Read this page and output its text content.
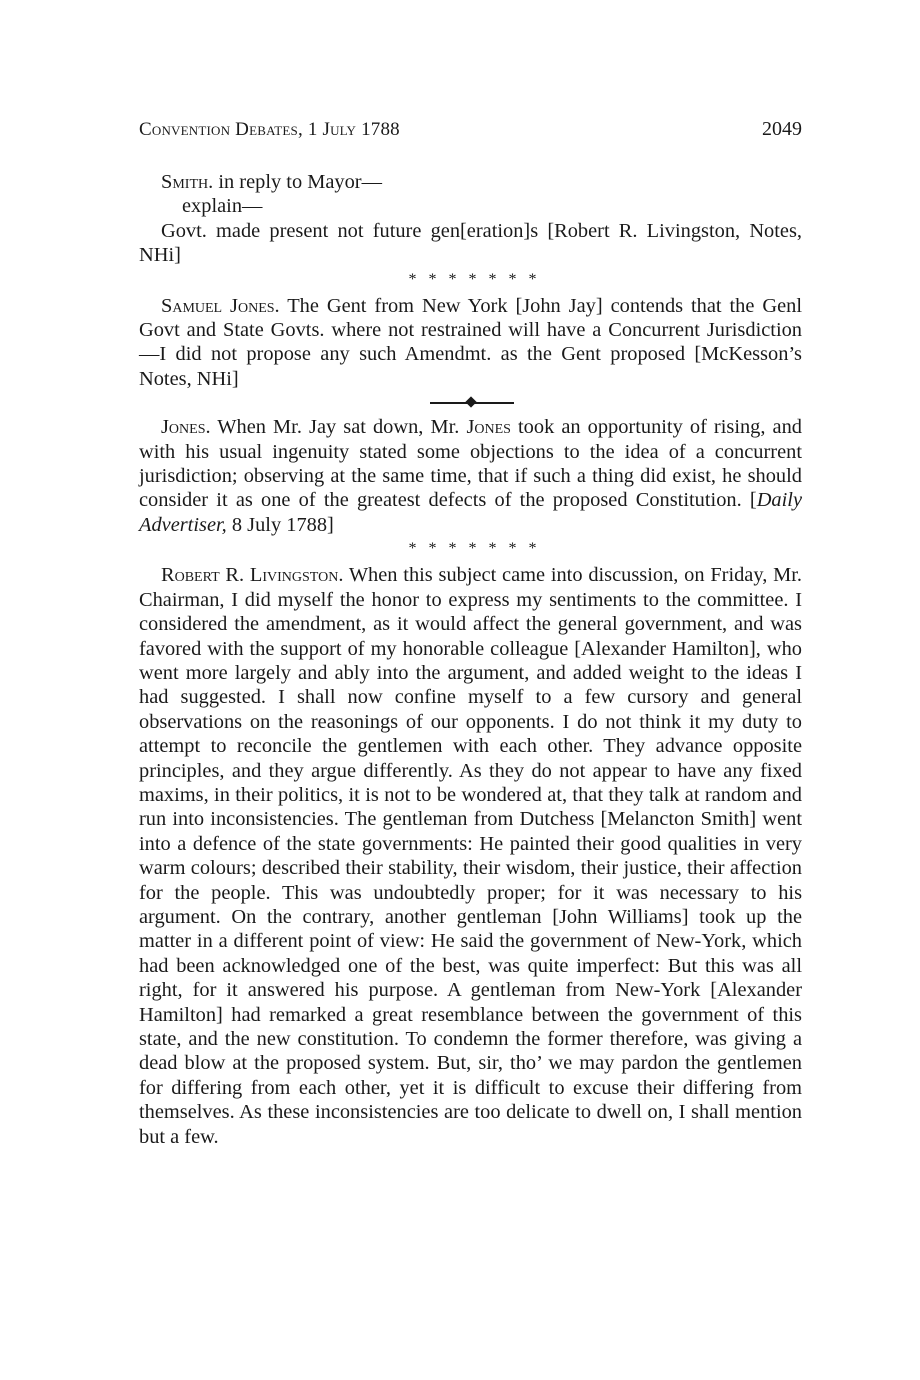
Convention Debates, 1 July 1788	2049

Smith. in reply to Mayor—

explain—

Govt. made present not future gen[eration]s [Robert R. Livingston, Notes, NHi]

* * * * * * *

Samuel Jones. The Gent from New York [John Jay] contends that the Genl Govt and State Govts. where not restrained will have a Concurrent Jurisdiction—I did not propose any such Amendmt. as the Gent proposed [McKesson’s Notes, NHi]

Jones. When Mr. Jay sat down, Mr. Jones took an opportunity of rising, and with his usual ingenuity stated some objections to the idea of a concurrent jurisdiction; observing at the same time, that if such a thing did exist, he should consider it as one of the greatest defects of the proposed Constitution. [Daily Advertiser, 8 July 1788]

* * * * * * *

Robert R. Livingston. When this subject came into discussion, on Friday, Mr. Chairman, I did myself the honor to express my sentiments to the committee. I considered the amendment, as it would affect the general government, and was favored with the support of my honorable colleague [Alexander Hamilton], who went more largely and ably into the argument, and added weight to the ideas I had suggested. I shall now confine myself to a few cursory and general observations on the reasonings of our opponents. I do not think it my duty to attempt to reconcile the gentlemen with each other. They advance opposite principles, and they argue differently. As they do not appear to have any fixed maxims, in their politics, it is not to be wondered at, that they talk at random and run into inconsistencies. The gentleman from Dutchess [Melancton Smith] went into a defence of the state governments: He painted their good qualities in very warm colours; described their stability, their wisdom, their justice, their affection for the people. This was undoubtedly proper; for it was necessary to his argument. On the contrary, another gentleman [John Williams] took up the matter in a different point of view: He said the government of New-York, which had been acknowledged one of the best, was quite imperfect: But this was all right, for it answered his purpose. A gentleman from New-York [Alexander Hamilton] had remarked a great resemblance between the government of this state, and the new constitution. To condemn the former therefore, was giving a dead blow at the proposed system. But, sir, tho’ we may pardon the gentlemen for differing from each other, yet it is difficult to excuse their differing from themselves. As these inconsistencies are too delicate to dwell on, I shall mention but a few.
